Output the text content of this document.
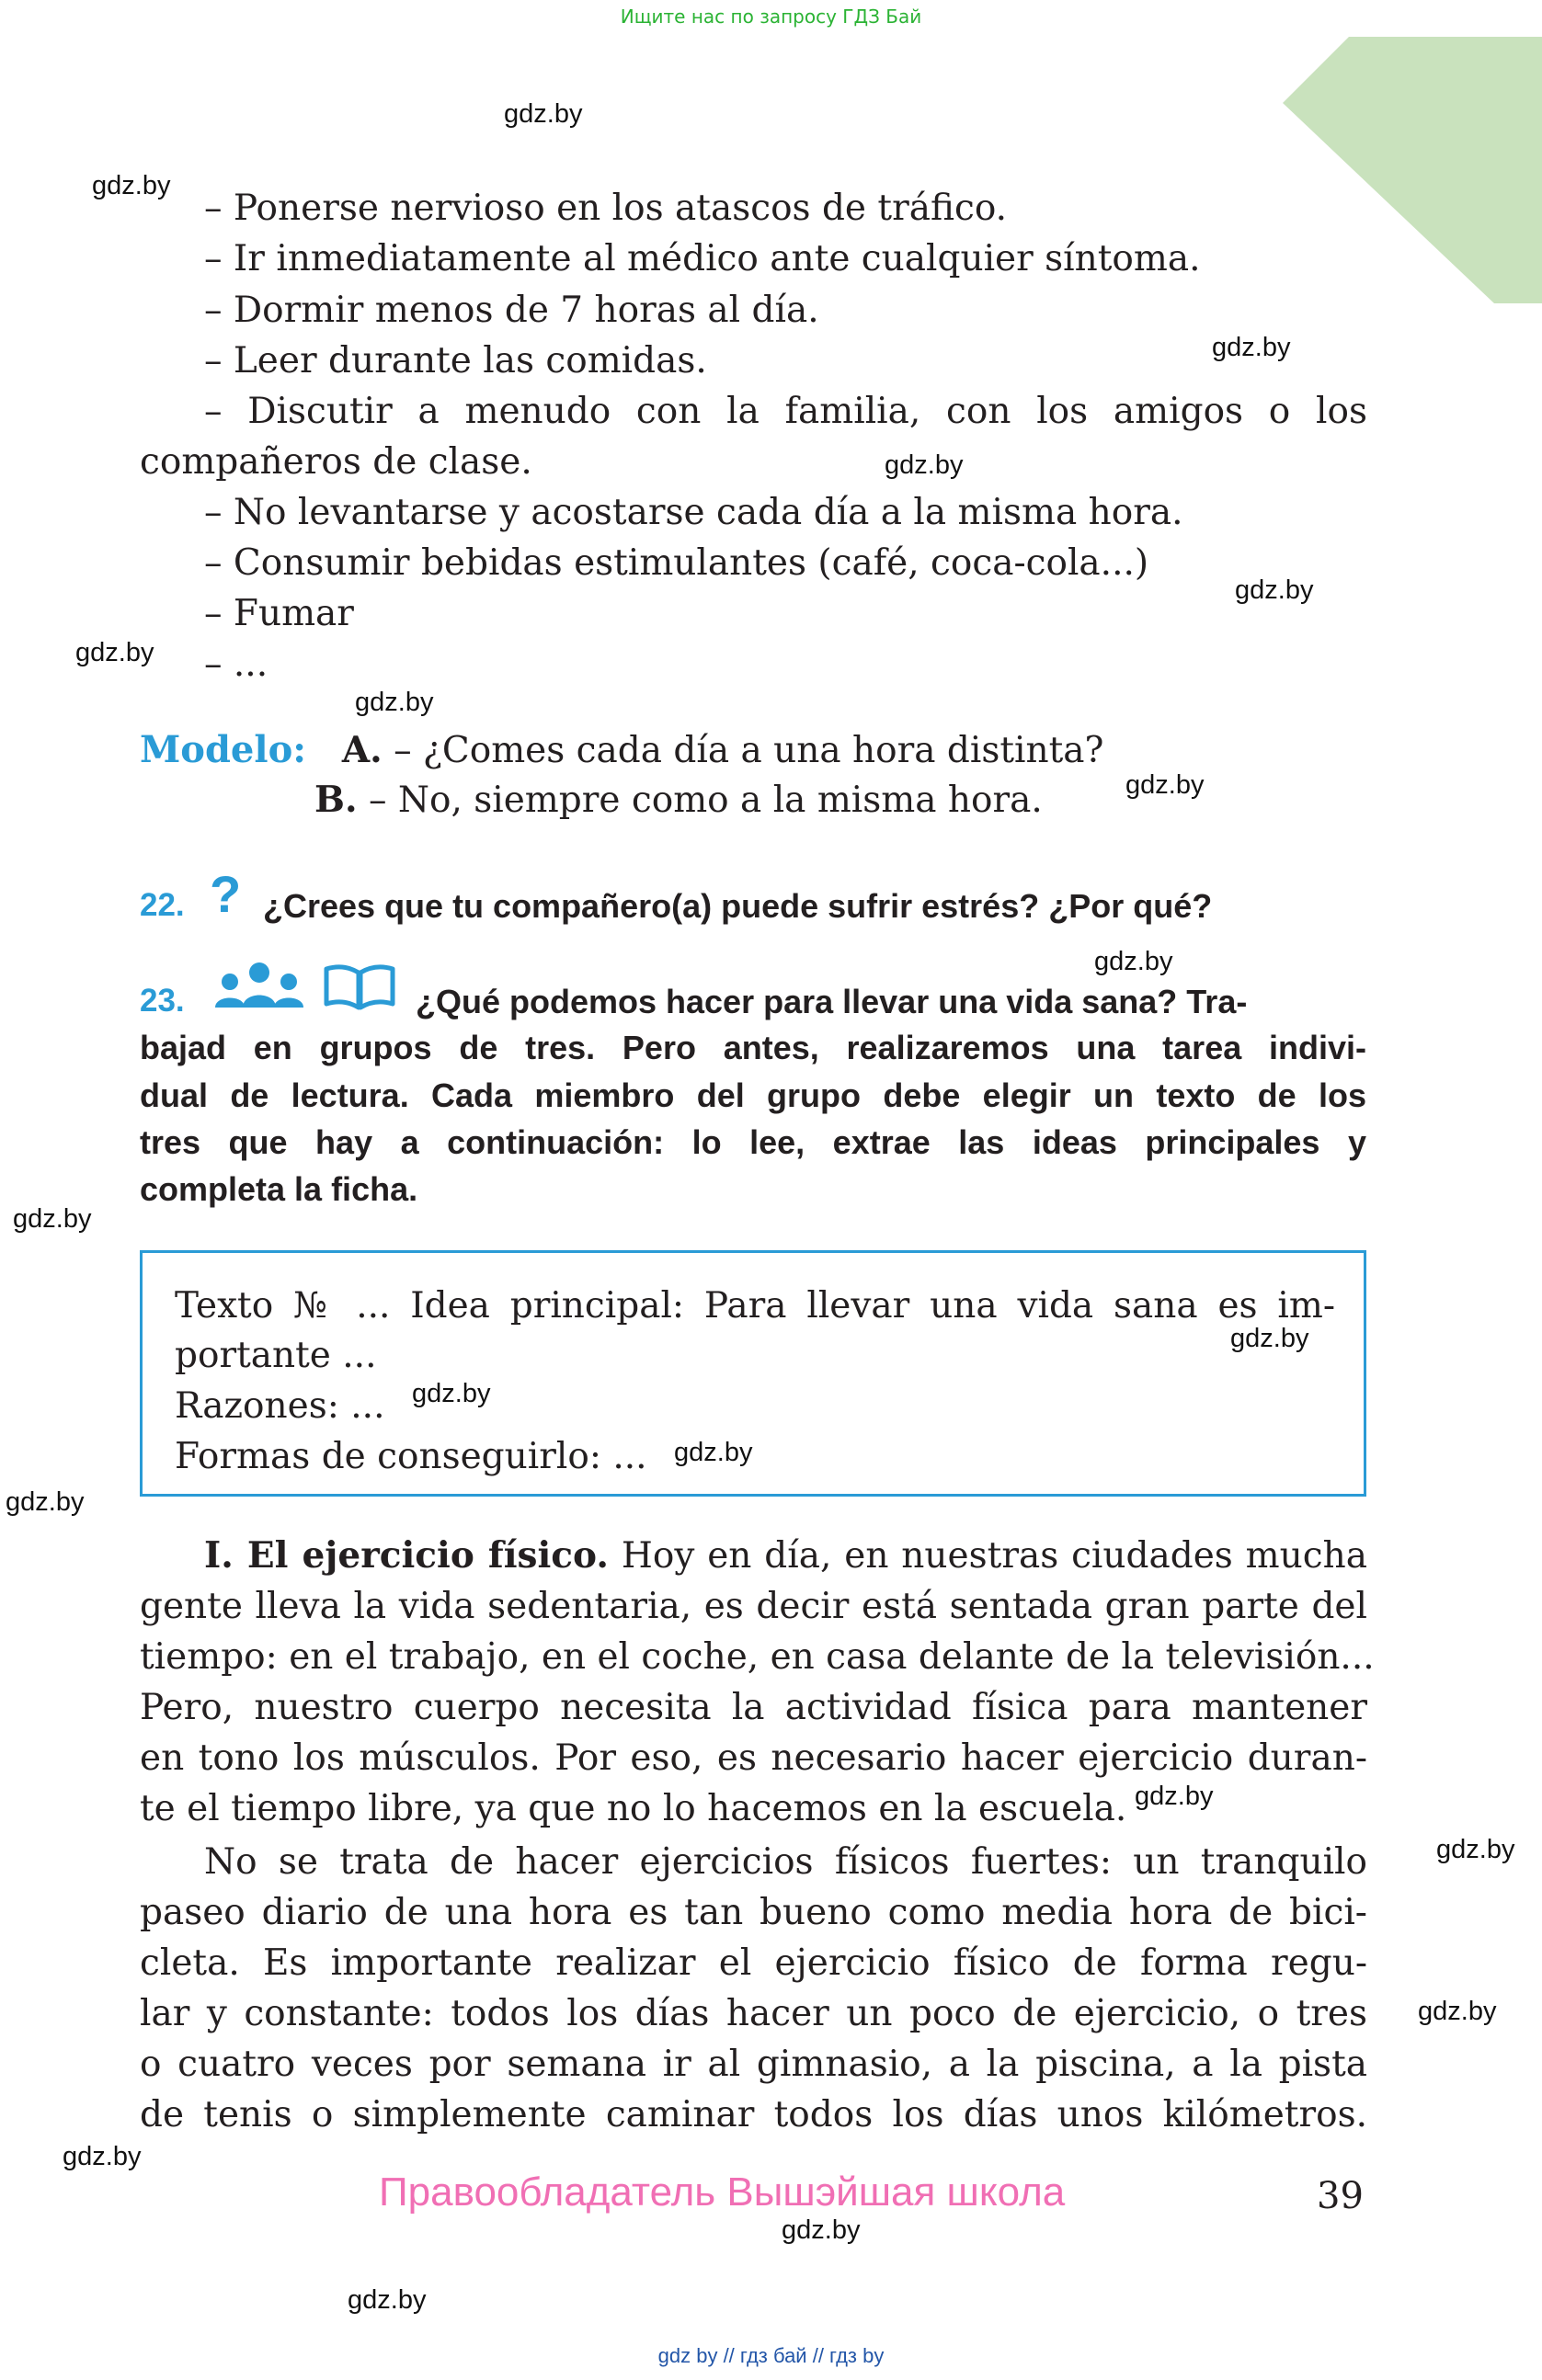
Ищите нас по запросу ГДЗ Бай
gdz.by
gdz.by
gdz.by
gdz.by
gdz.by
gdz.by
gdz.by
gdz.by
gdz.by
gdz.by
gdz.by
gdz.by
gdz.by
gdz.by
gdz.by
gdz.by
gdz.by
gdz.by
gdz.by
gdz.by
– Ponerse nervioso en los atascos de tráfico.
– Ir inmediatamente al médico ante cualquier síntoma.
– Dormir menos de 7 horas al día.
– Leer durante las comidas.
– Discutir a menudo con la familia, con los amigos o los
compañeros de clase.
– No levantarse y acostarse cada día a la misma hora.
– Consumir bebidas estimulantes (café, coca-cola...)
– Fumar
– ...
Modelo: A. – ¿Comes cada día a una hora distinta?
B. – No, siempre como a la misma hora.
22. ? ¿Crees que tu compañero(a) puede sufrir estrés? ¿Por qué?
23.	¿Qué podemos hacer para llevar una vida sana? Tra-
bajad en grupos de tres. Pero antes, realizaremos una tarea indivi-
dual de lectura. Cada miembro del grupo debe elegir un texto de los
tres que hay a continuación: lo lee, extrae las ideas principales y
completa la ficha.
Texto № ... Idea principal: Para llevar una vida sana es im-
portante ...
Razones: ...
Formas de conseguirlo: ...
I. El ejercicio físico. Hoy en día, en nuestras ciudades mucha
gente lleva la vida sedentaria, es decir está sentada gran parte del
tiempo: en el trabajo, en el coche, en casa delante de la televisión...
Pero, nuestro cuerpo necesita la actividad física para mantener
en tono los músculos. Por eso, es necesario hacer ejercicio duran-
te el tiempo libre, ya que no lo hacemos en la escuela.
No se trata de hacer ejercicios físicos fuertes: un tranquilo
paseo diario de una hora es tan bueno como media hora de bici-
cleta. Es importante realizar el ejercicio físico de forma regu-
lar y constante: todos los días hacer un poco de ejercicio, o tres
o cuatro veces por semana ir al gimnasio, a la piscina, a la pista
de tenis o simplemente caminar todos los días unos kilómetros.
Правообладатель Вышэйшая школа	39
gdz by // гдз бай // гдз by
